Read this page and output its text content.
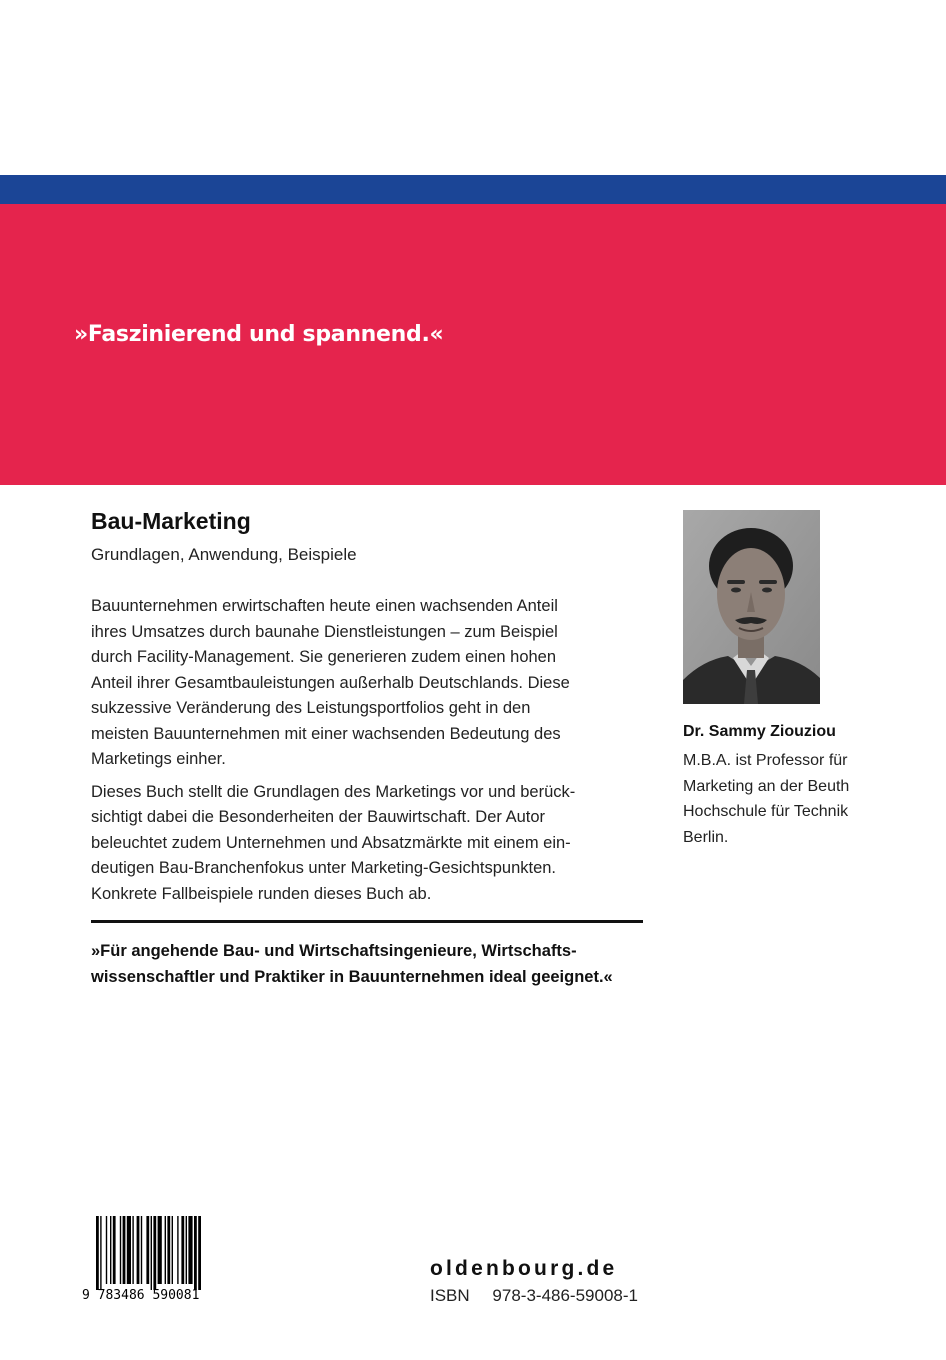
»Faszinierend und spannend.«
Bau-Marketing
Grundlagen, Anwendung, Beispiele

Bauunternehmen erwirtschaften heute einen wachsenden Anteil
ihres Umsatzes durch baunahe Dienstleistungen – zum Beispiel
durch Facility-Management. Sie generieren zudem einen hohen
Anteil ihrer Gesamtbauleistungen außerhalb Deutschlands. Diese
sukzessive Veränderung des Leistungsportfolios geht in den
meisten Bauunternehmen mit einer wachsenden Bedeutung des
Marketings einher.

Dieses Buch stellt die Grundlagen des Marketings vor und berück-
sichtigt dabei die Besonderheiten der Bauwirtschaft. Der Autor
beleuchtet zudem Unternehmen und Absatzmärkte mit einem ein-
deutigen Bau-Branchenfokus unter Marketing-Gesichtspunkten.
Konkrete Fallbeispiele runden dieses Buch ab.

»Für angehende Bau- und Wirtschaftsingenieure, Wirtschafts-
wissenschaftler und Praktiker in Bauunternehmen ideal geeignet.«
Dr. Sammy Ziouziou
M.B.A. ist Professor für
Marketing an der Beuth
Hochschule für Technik
Berlin.
9 783486 590081
oldenbourg.de
ISBN 978-3-486-59008-1
